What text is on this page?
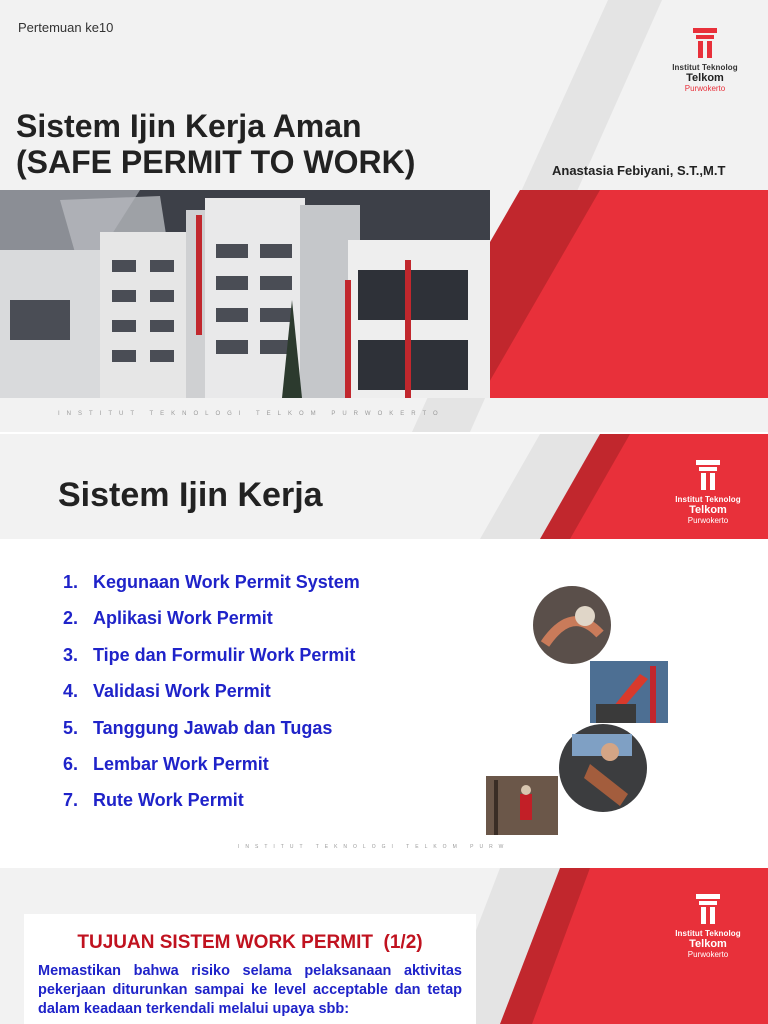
Pertemuan ke10
Institut Teknolog
Telkom
Purwokerto
Sistem Ijin Kerja Aman
(SAFE PERMIT TO WORK)	Anastasia Febiyani, S.T.,M.T
INSTITUT TEKNOLOGI TELKOM PURWOKERTO
Institut Teknolog
Telkom
Purwokerto
Sistem Ijin Kerja
1. Kegunaan Work Permit System
2. Aplikasi Work Permit
3. Tipe dan Formulir Work Permit
4. Validasi Work Permit
5. Tanggung Jawab dan Tugas
6. Lembar Work Permit
7. Rute Work Permit
INSTITUT TEKNOLOGI TELKOM PURW
Institut Teknolog
Telkom
Purwokerto
TUJUAN SISTEM WORK PERMIT  (1/2)
Memastikan bahwa risiko selama pelaksanaan aktivitas pekerjaan diturunkan sampai ke level acceptable dan tetap dalam keadaan terkendali melalui upaya sbb:
